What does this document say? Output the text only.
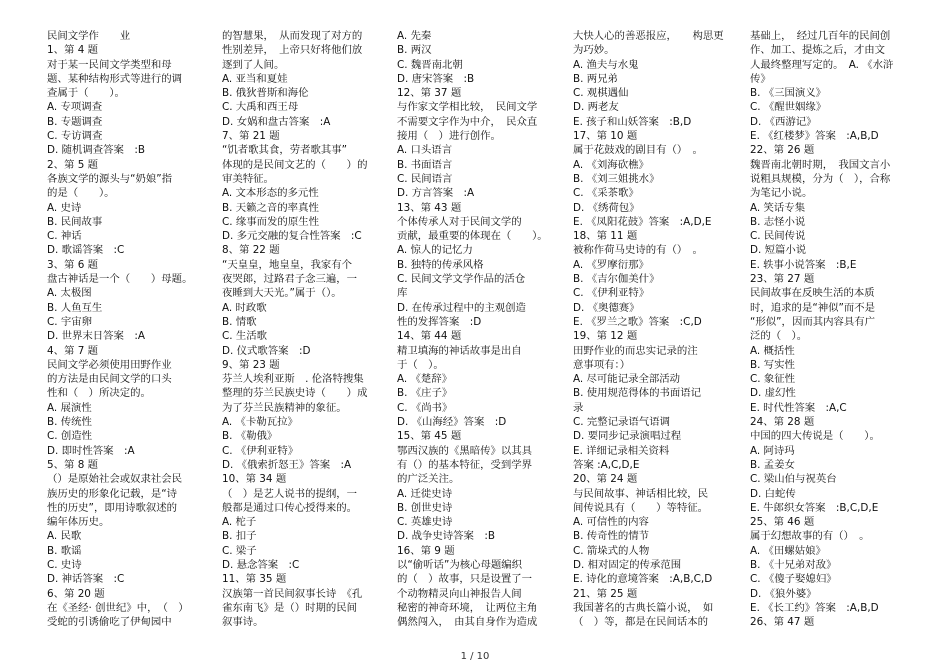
民间文学作　　业
1、第 4 题
对于某一民间文学类型和母
题、某种结构形式等进行的调
查属于（　　）。
A. 专项调查
B. 专题调查
C. 专访调查
D. 随机调查答案　:B
2、第 5 题
各族文学的源头与“奶娘”指
的是（　　）。
A. 史诗
B. 民间故事
C. 神话
D. 歌谣答案　:C
3、第 6 题
盘古神话是一个（　　）母题。
A. 太极图
B. 人鱼互生
C. 宇宙卵
D. 世界末日答案　:A
4、第 7 题
民间文学必须使用田野作业
的方法是由民间文学的口头
性和（　）所决定的。
A. 展演性
B. 传统性
C. 创造性
D. 即时性答案　:A
5、第 8 题
（）是原始社会或奴隶社会民
族历史的形象化记载，是“诗
性的历史”，即用诗歌叙述的
编年体历史。
A. 民歌
B. 歌谣
C. 史诗
D. 神话答案　:C
6、第 20 题
在《圣经· 创世纪》中，　（　）
受蛇的引诱偷吃了伊甸园中
的智慧果，　从而发现了对方的
性别差异，　上帝只好将他们放
逐到了人间。
A. 亚当和夏娃
B. 俄狄普斯和海伦
C. 大禹和西王母
D. 女娲和盘古答案　:A
7、第 21 题
“饥者歌其食，劳者歌其事”
体现的是民间文艺的（　　）的
审美特征。
A. 文本形态的多元性
B. 天籁之音的率真性
C. 缘事而发的原生性
D. 多元交融的复合性答案　:C
8、第 22 题
“天皇皇，地皇皇，我家有个
夜哭郎，过路君子念三遍，一
夜睡到大天光。”属于（）。
A. 时政歌
B. 情歌
C. 生活歌
D. 仪式歌答案　:D
9、第 23 题
芬兰人埃利亚斯　. 伦洛特搜集
整理的芬兰民族史诗（　　）成
为了芬兰民族精神的象征。
A. 《卡勒瓦拉》
B. 《勒俄》
C. 《伊利亚特》
D. 《俄索折怒王》答案　:A
10、第 34 题
（　）是艺人说书的提纲，一
般都是通过口传心授得来的。
A. 柁子
B. 扣子
C. 梁子
D. 悬念答案　:C
11、第 35 题
汉族第一首民间叙事长诗　《孔
雀东南飞》是（）时期的民间
叙事诗。
A. 先秦
B. 两汉
C. 魏晋南北朝
D. 唐宋答案　:B
12、第 37 题
与作家文学相比较，　民间文学
不需要文字作为中介，　民众直
接用（　）进行创作。
A. 口头语言
B. 书面语言
C. 民间语言
D. 方言答案　:A
13、第 43 题
个体传承人对于民间文学的
贡献，最重要的体现在（　　）。
A. 惊人的记忆力
B. 独特的传承风格
C. 民间文学文学作品的活仓
库
D. 在传承过程中的主观创造
性的发挥答案　:D
14、第 44 题
精卫填海的神话故事是出自
于（　）。
A. 《楚辞》
B. 《庄子》
C. 《尚书》
D. 《山海经》答案　:D
15、第 45 题
鄂西汉族的《黑暗传》以其具
有（）的基本特征，受到学界
的广泛关注。
A. 迁徙史诗
B. 创世史诗
C. 英雄史诗
D. 战争史诗答案　:B
16、第 9 题
以“偷听话”为核心母题编织
的（　）故事，只是设置了一
个动物精灵向山神报告人间
秘密的神奇环境，　让两位主角
偶然闯入，　由其自身作为造成
大快人心的善恶报应，　　构思更
为巧妙。
A. 渔夫与水鬼
B. 两兄弟
C. 观棋遇仙
D. 两老友
E. 孩子和山妖答案　:B,D
17、第 10 题
属于花鼓戏的剧目有（）　。
A. 《刘海砍樵》
B. 《刘三姐挑水》
C. 《采茶歌》
D. 《绣荷包》
E. 《凤阳花鼓》答案　:A,D,E
18、第 11 题
被称作荷马史诗的有（）　。
A. 《罗摩衍那》
B. 《吉尔伽美什》
C. 《伊利亚特》
D. 《奥德赛》
E. 《罗兰之歌》答案　:C,D
19、第 12 题
田野作业的而忠实记录的注
意事项有：）
A. 尽可能记录全部活动
B. 使用规范得体的书面语记
录
C. 完整记录语气语调
D. 要同步记录演唱过程
E. 详细记录相关资料
答案 :A,C,D,E
20、第 24 题
与民间故事、神话相比较，民
间传说具有（　　）等特征。
A. 可信性的内容
B. 传奇性的情节
C. 箭垛式的人物
D. 相对固定的传承范围
E. 诗化的意境答案　:A,B,C,D
21、第 25 题
我国著名的古典长篇小说，　如
（　）等，都是在民间话本的
基础上，　经过几百年的民间创
作、加工、提炼之后，才由文
人最终整理写定的。　A. 《水浒
传》
B. 《三国演义》
C. 《醒世姻缘》
D. 《西游记》
E. 《红楼梦》答案　:A,B,D
22、第 26 题
魏晋南北朝时期，　我国文言小
说粗具规模，分为（　），合称
为笔记小说。
A. 笑话专集
B. 志怪小说
C. 民间传说
D. 短篇小说
E. 轶事小说答案　:B,E
23、第 27 题
民间故事在反映生活的本质
时，追求的是“神似”而不是
“形似”，因而其内容具有广
泛的（　）。
A. 概括性
B. 写实性
C. 象征性
D. 虚幻性
E. 时代性答案　:A,C
24、第 28 题
中国的四大传说是（　　）。
A. 阿诗玛
B. 孟姜女
C. 梁山伯与祝英台
D. 白蛇传
E. 牛郎织女答案　:B,C,D,E
25、第 46 题
属于幻想故事的有（）　。
A. 《田螺姑娘》
B. 《十兄弟对敌》
C. 《傻子娶媳妇》
D. 《狼外婆》
E. 《长工约》答案　:A,B,D
26、第 47 题
1 / 10
